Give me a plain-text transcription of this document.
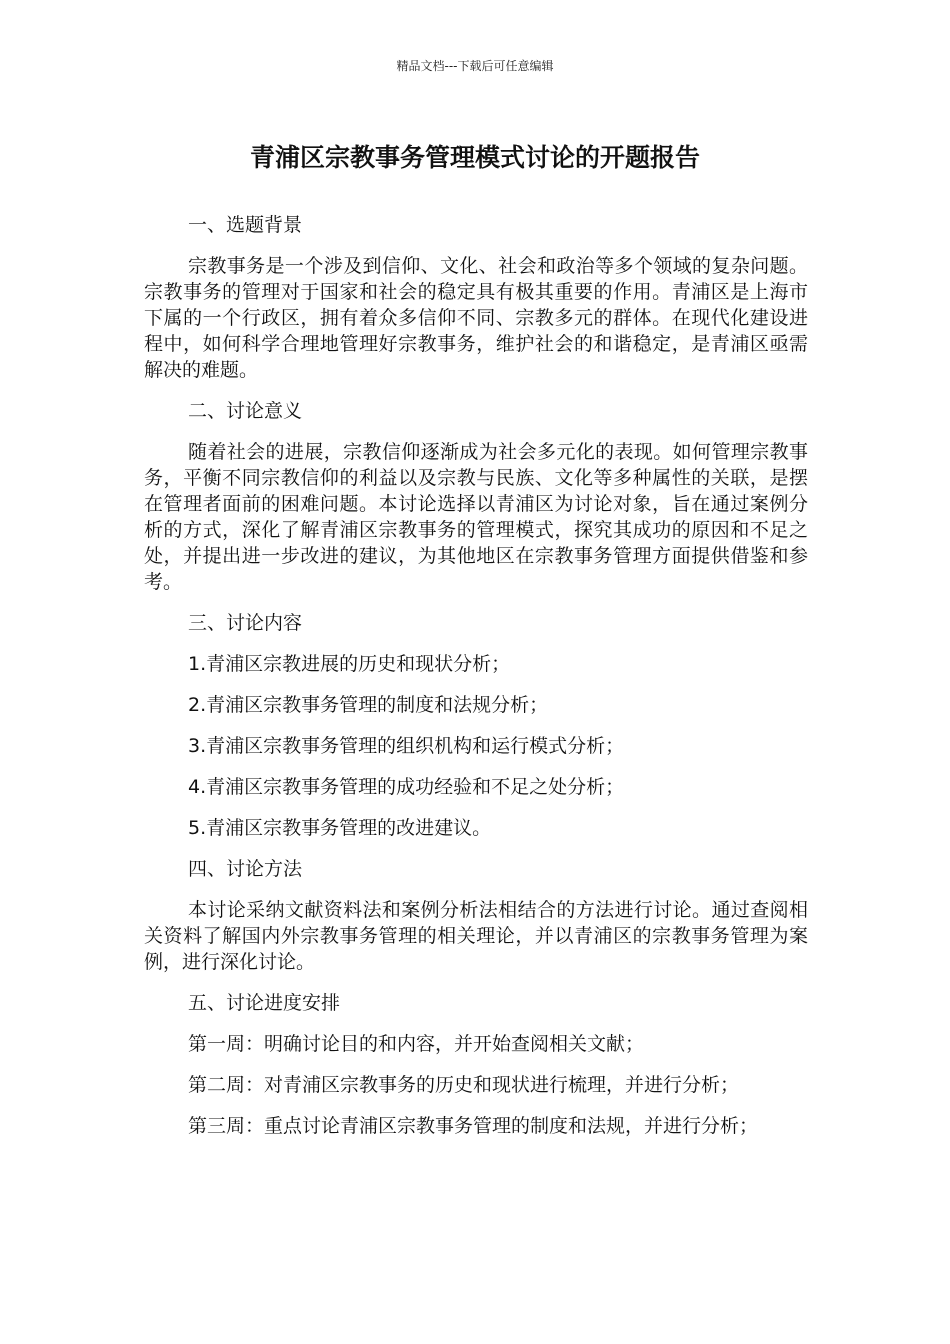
精品文档---下载后可任意编辑
青浦区宗教事务管理模式讨论的开题报告

一、选题背景

宗教事务是一个涉及到信仰、文化、社会和政治等多个领域的复杂问题。宗教事务的管理对于国家和社会的稳定具有极其重要的作用。青浦区是上海市下属的一个行政区，拥有着众多信仰不同、宗教多元的群体。在现代化建设进程中，如何科学合理地管理好宗教事务，维护社会的和谐稳定，是青浦区亟需解决的难题。

二、讨论意义

随着社会的进展，宗教信仰逐渐成为社会多元化的表现。如何管理宗教事务，平衡不同宗教信仰的利益以及宗教与民族、文化等多种属性的关联，是摆在管理者面前的困难问题。本讨论选择以青浦区为讨论对象，旨在通过案例分析的方式，深化了解青浦区宗教事务的管理模式，探究其成功的原因和不足之处，并提出进一步改进的建议，为其他地区在宗教事务管理方面提供借鉴和参考。

三、讨论内容

1.青浦区宗教进展的历史和现状分析；

2.青浦区宗教事务管理的制度和法规分析；

3.青浦区宗教事务管理的组织机构和运行模式分析；

4.青浦区宗教事务管理的成功经验和不足之处分析；

5.青浦区宗教事务管理的改进建议。

四、讨论方法

本讨论采纳文献资料法和案例分析法相结合的方法进行讨论。通过查阅相关资料了解国内外宗教事务管理的相关理论，并以青浦区的宗教事务管理为案例，进行深化讨论。

五、讨论进度安排

第一周：明确讨论目的和内容，并开始查阅相关文献；

第二周：对青浦区宗教事务的历史和现状进行梳理，并进行分析；

第三周：重点讨论青浦区宗教事务管理的制度和法规，并进行分析；
